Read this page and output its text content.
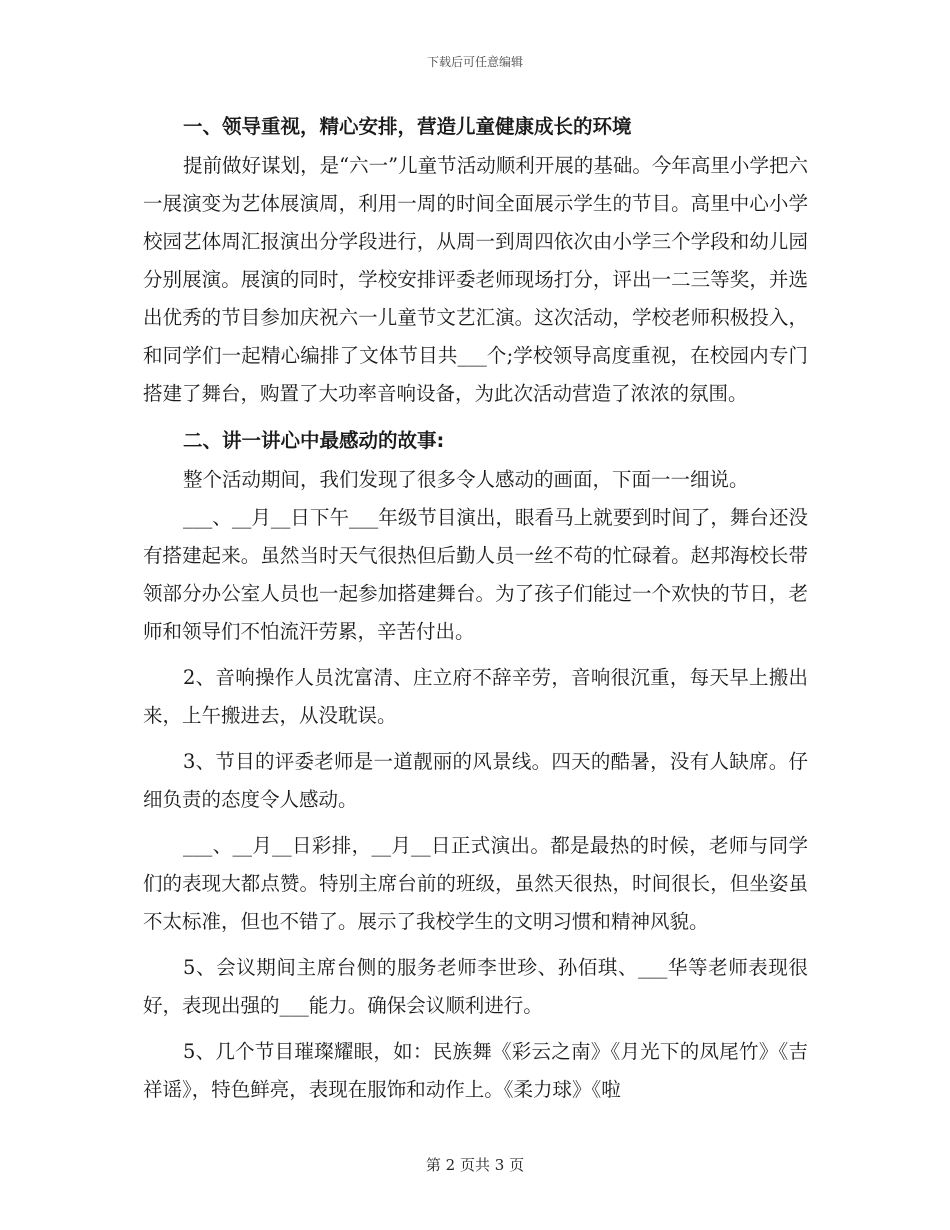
下载后可任意编辑

一、领导重视，精心安排，营造儿童健康成长的环境

提前做好谋划，是“六一”儿童节活动顺利开展的基础。今年高里小学把六一展演变为艺体展演周，利用一周的时间全面展示学生的节目。高里中心小学校园艺体周汇报演出分学段进行，从周一到周四依次由小学三个学段和幼儿园分别展演。展演的同时，学校安排评委老师现场打分，评出一二三等奖，并选出优秀的节目参加庆祝六一儿童节文艺汇演。这次活动，学校老师积极投入，和同学们一起精心编排了文体节目共___个;学校领导高度重视，在校园内专门搭建了舞台，购置了大功率音响设备，为此次活动营造了浓浓的氛围。

二、讲一讲心中最感动的故事:

整个活动期间，我们发现了很多令人感动的画面，下面一一细说。

___、__月__日下午___年级节目演出，眼看马上就要到时间了，舞台还没有搭建起来。虽然当时天气很热但后勤人员一丝不苟的忙碌着。赵邦海校长带领部分办公室人员也一起参加搭建舞台。为了孩子们能过一个欢快的节日，老师和领导们不怕流汗劳累，辛苦付出。

2、音响操作人员沈富清、庄立府不辞辛劳，音响很沉重，每天早上搬出来，上午搬进去，从没耽误。

3、节目的评委老师是一道靓丽的风景线。四天的酷暑，没有人缺席。仔细负责的态度令人感动。

___、__月__日彩排，__月__日正式演出。都是最热的时候，老师与同学们的表现大都点赞。特别主席台前的班级，虽然天很热，时间很长，但坐姿虽不太标准，但也不错了。展示了我校学生的文明习惯和精神风貌。

5、会议期间主席台侧的服务老师李世珍、孙佰琪、___华等老师表现很好，表现出强的___能力。确保会议顺利进行。

5、几个节目璀璨耀眼，如：民族舞《彩云之南》《月光下的凤尾竹》《吉祥谣》，特色鲜亮，表现在服饰和动作上。《柔力球》《啦

第 2 页共 3 页
